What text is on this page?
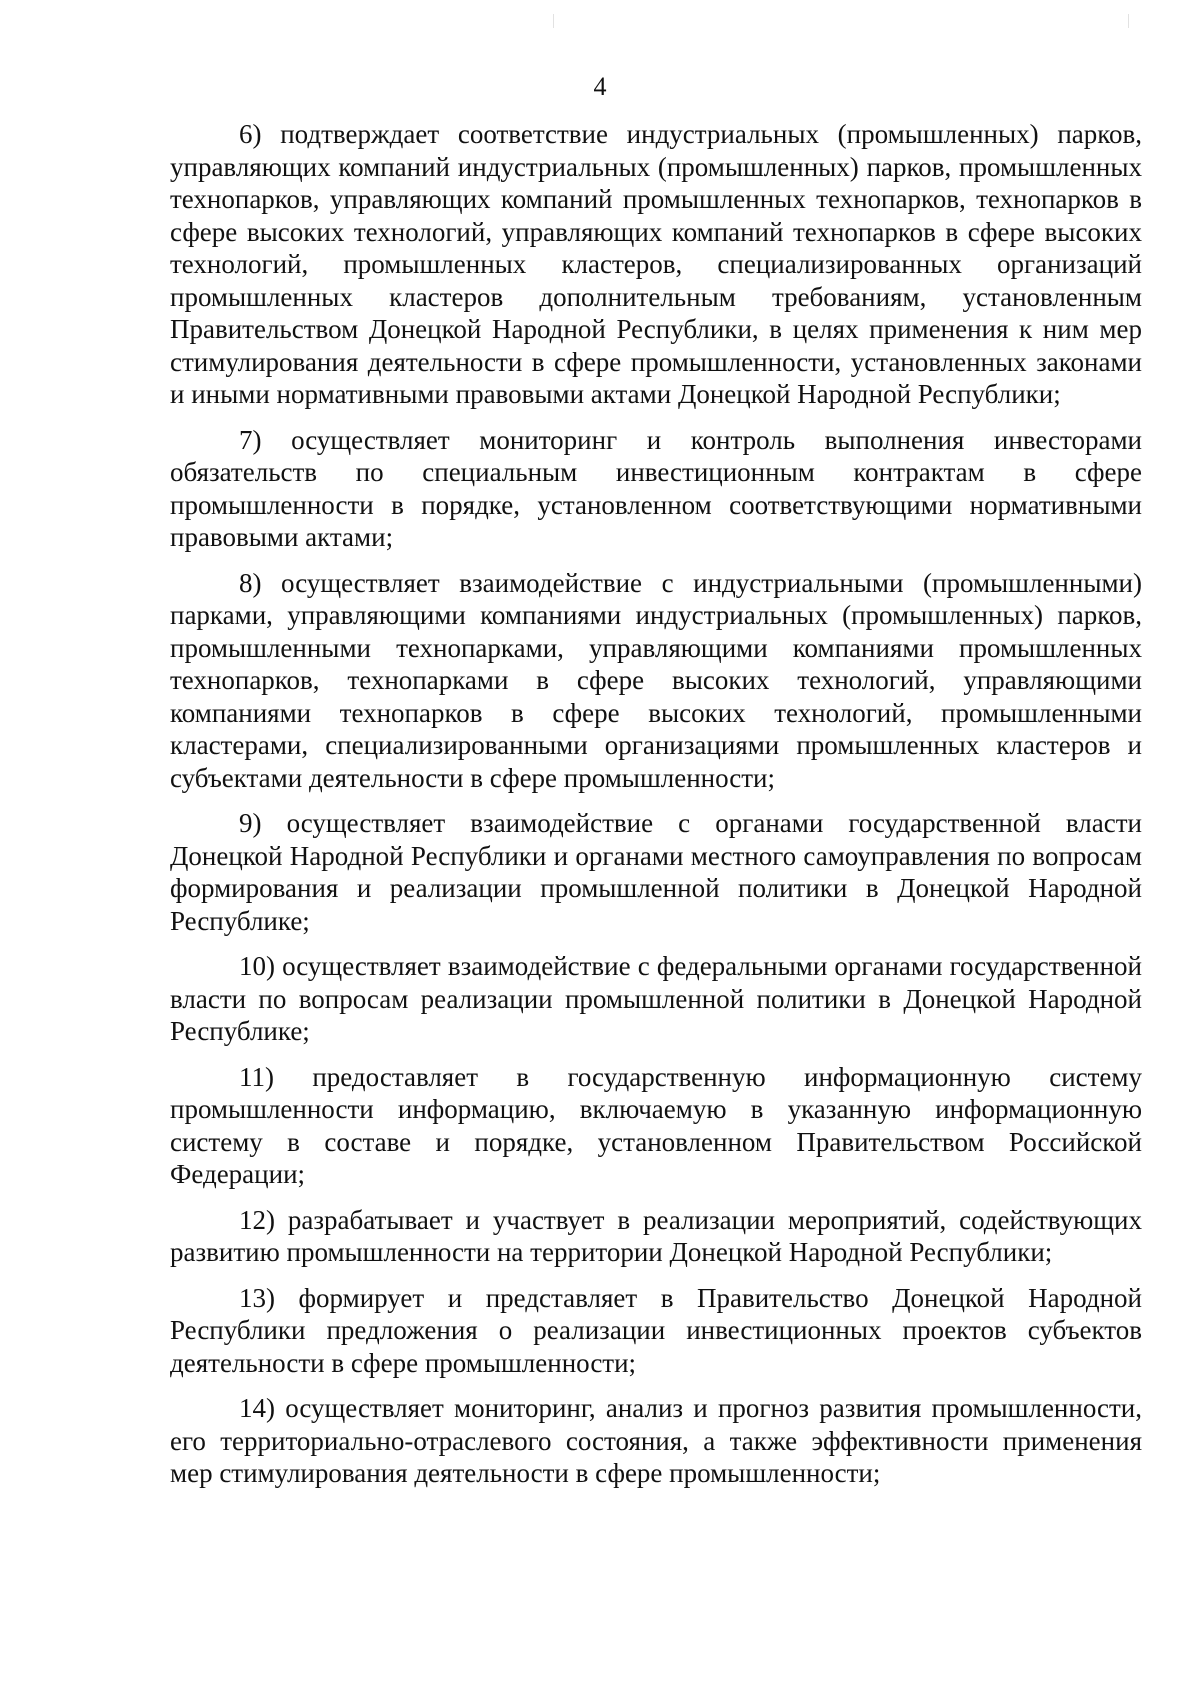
4

6) подтверждает соответствие индустриальных (промышленных) парков, управляющих компаний индустриальных (промышленных) парков, промышленных технопарков, управляющих компаний промышленных технопарков, технопарков в сфере высоких технологий, управляющих компаний технопарков в сфере высоких технологий, промышленных кластеров, специализированных организаций промышленных кластеров дополнительным требованиям, установленным Правительством Донецкой Народной Республики, в целях применения к ним мер стимулирования деятельности в сфере промышленности, установленных законами и иными нормативными правовыми актами Донецкой Народной Республики;

7) осуществляет мониторинг и контроль выполнения инвесторами обязательств по специальным инвестиционным контрактам в сфере промышленности в порядке, установленном соответствующими нормативными правовыми актами;

8) осуществляет взаимодействие с индустриальными (промышленными) парками, управляющими компаниями индустриальных (промышленных) парков, промышленными технопарками, управляющими компаниями промышленных технопарков, технопарками в сфере высоких технологий, управляющими компаниями технопарков в сфере высоких технологий, промышленными кластерами, специализированными организациями промышленных кластеров и субъектами деятельности в сфере промышленности;

9) осуществляет взаимодействие с органами государственной власти Донецкой Народной Республики и органами местного самоуправления по вопросам формирования и реализации промышленной политики в Донецкой Народной Республике;

10) осуществляет взаимодействие с федеральными органами государственной власти по вопросам реализации промышленной политики в Донецкой Народной Республике;

11) предоставляет в государственную информационную систему промышленности информацию, включаемую в указанную информационную систему в составе и порядке, установленном Правительством Российской Федерации;

12) разрабатывает и участвует в реализации мероприятий, содействующих развитию промышленности на территории Донецкой Народной Республики;

13) формирует и представляет в Правительство Донецкой Народной Республики предложения о реализации инвестиционных проектов субъектов деятельности в сфере промышленности;

14) осуществляет мониторинг, анализ и прогноз развития промышленности, его территориально-отраслевого состояния, а также эффективности применения мер стимулирования деятельности в сфере промышленности;
